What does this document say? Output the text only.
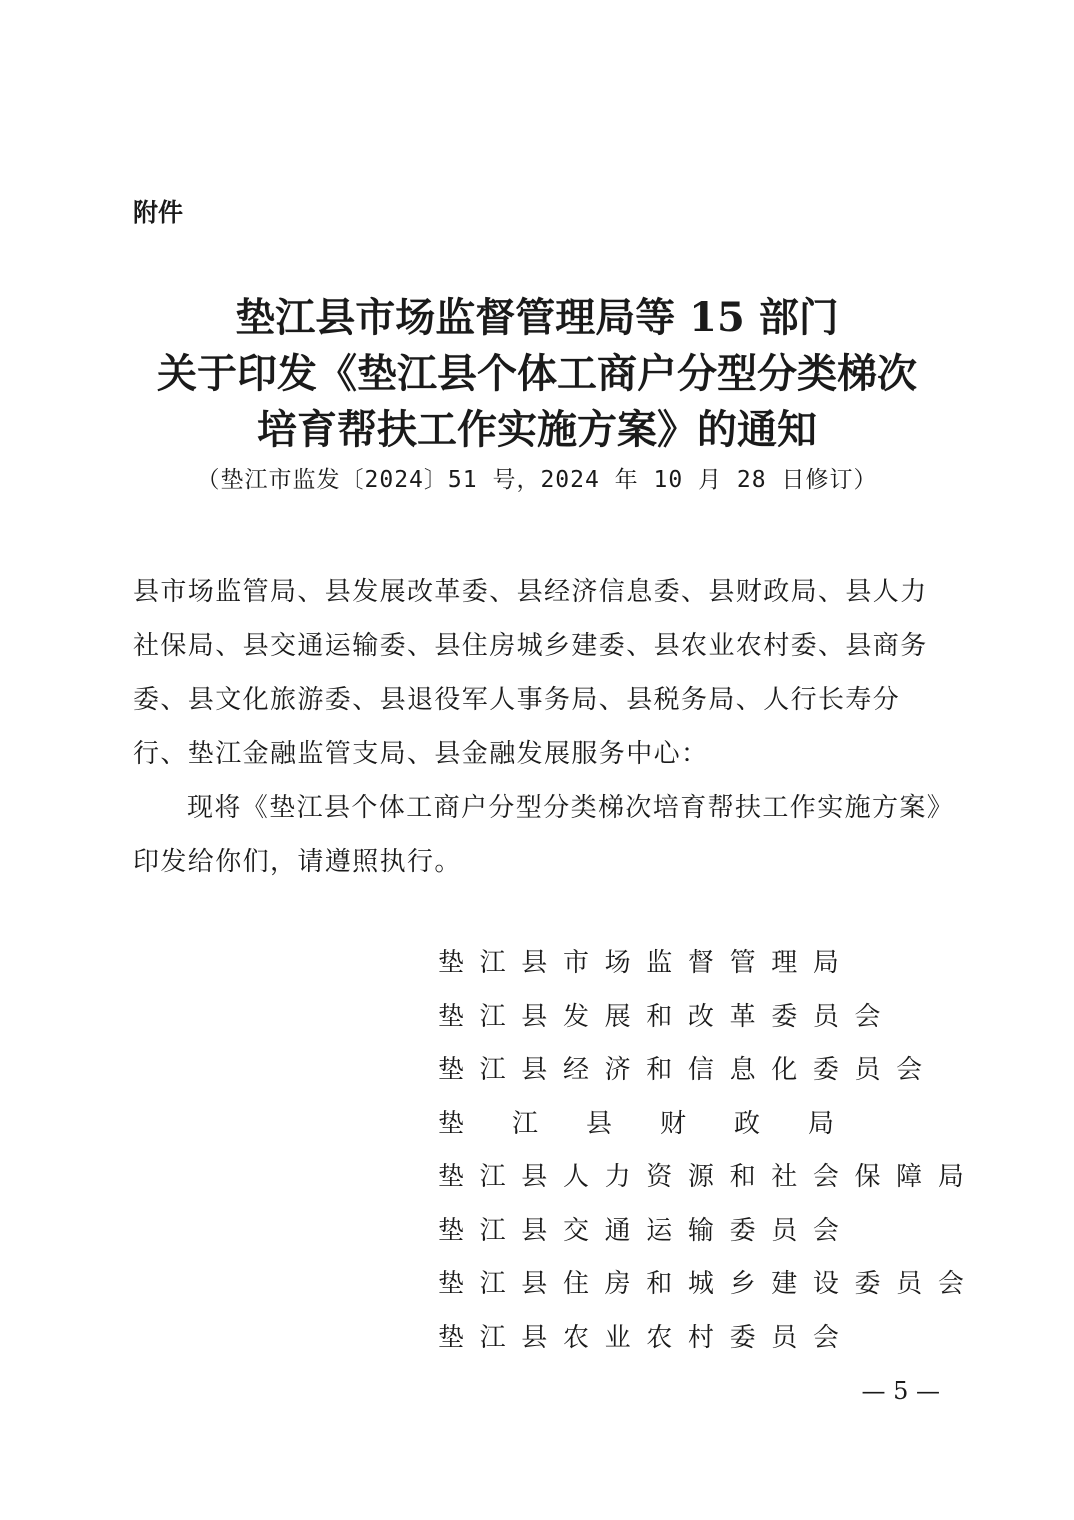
附件
垫江县市场监督管理局等 15 部门
关于印发《垫江县个体工商户分型分类梯次
培育帮扶工作实施方案》的通知
（垫江市监发〔2024〕51 号，2024 年 10 月 28 日修订）

县市场监管局、县发展改革委、县经济信息委、县财政局、县人力社保局、县交通运输委、县住房城乡建委、县农业农村委、县商务委、县文化旅游委、县退役军人事务局、县税务局、人行长寿分行、垫江金融监管支局、县金融发展服务中心：

现将《垫江县个体工商户分型分类梯次培育帮扶工作实施方案》印发给你们，请遵照执行。

垫 江 县 市 场 监 督 管 理 局
垫 江 县 发 展 和 改 革 委 员 会
垫 江 县 经 济 和 信 息 化 委 员 会
垫 江 县 财 政 局
垫 江 县 人 力 资 源 和 社 会 保 障 局
垫 江 县 交 通 运 输 委 员 会
垫 江 县 住 房 和 城 乡 建 设 委 员 会
垫 江 县 农 业 农 村 委 员 会
— 5 —
